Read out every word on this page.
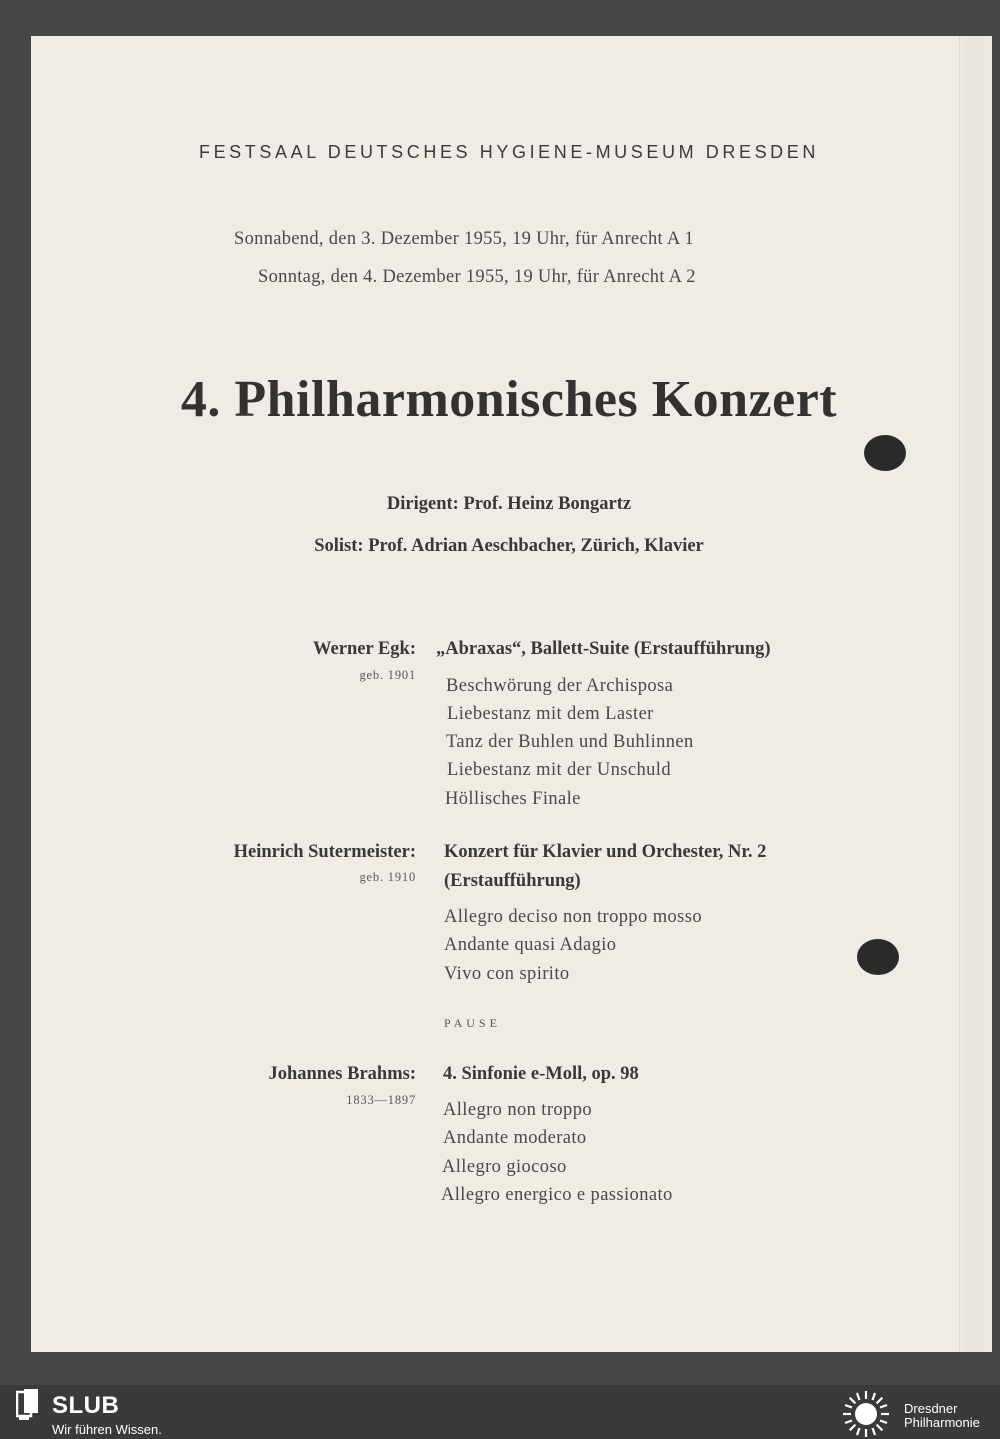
FESTSAAL DEUTSCHES HYGIENE-MUSEUM DRESDEN
Sonnabend, den 3. Dezember 1955, 19 Uhr, für Anrecht A 1
Sonntag, den 4. Dezember 1955, 19 Uhr, für Anrecht A 2
4. Philharmonisches Konzert
Dirigent: Prof. Heinz Bongartz
Solist: Prof. Adrian Aeschbacher, Zürich, Klavier
Werner Egk:
geb. 1901
„Abraxas“, Ballett-Suite (Erstaufführung)
Beschwörung der Archisposa
Liebestanz mit dem Laster
Tanz der Buhlen und Buhlinnen
Liebestanz mit der Unschuld
Höllisches Finale
Heinrich Sutermeister:
geb. 1910
Konzert für Klavier und Orchester, Nr. 2
(Erstaufführung)
Allegro deciso non troppo mosso
Andante quasi Adagio
Vivo con spirito
PAUSE
Johannes Brahms:
1833—1897
4. Sinfonie e-Moll, op. 98
Allegro non troppo
Andante moderato
Allegro giocoso
Allegro energico e passionato
SLUB
Wir führen Wissen.
Dresdner
Philharmonie
